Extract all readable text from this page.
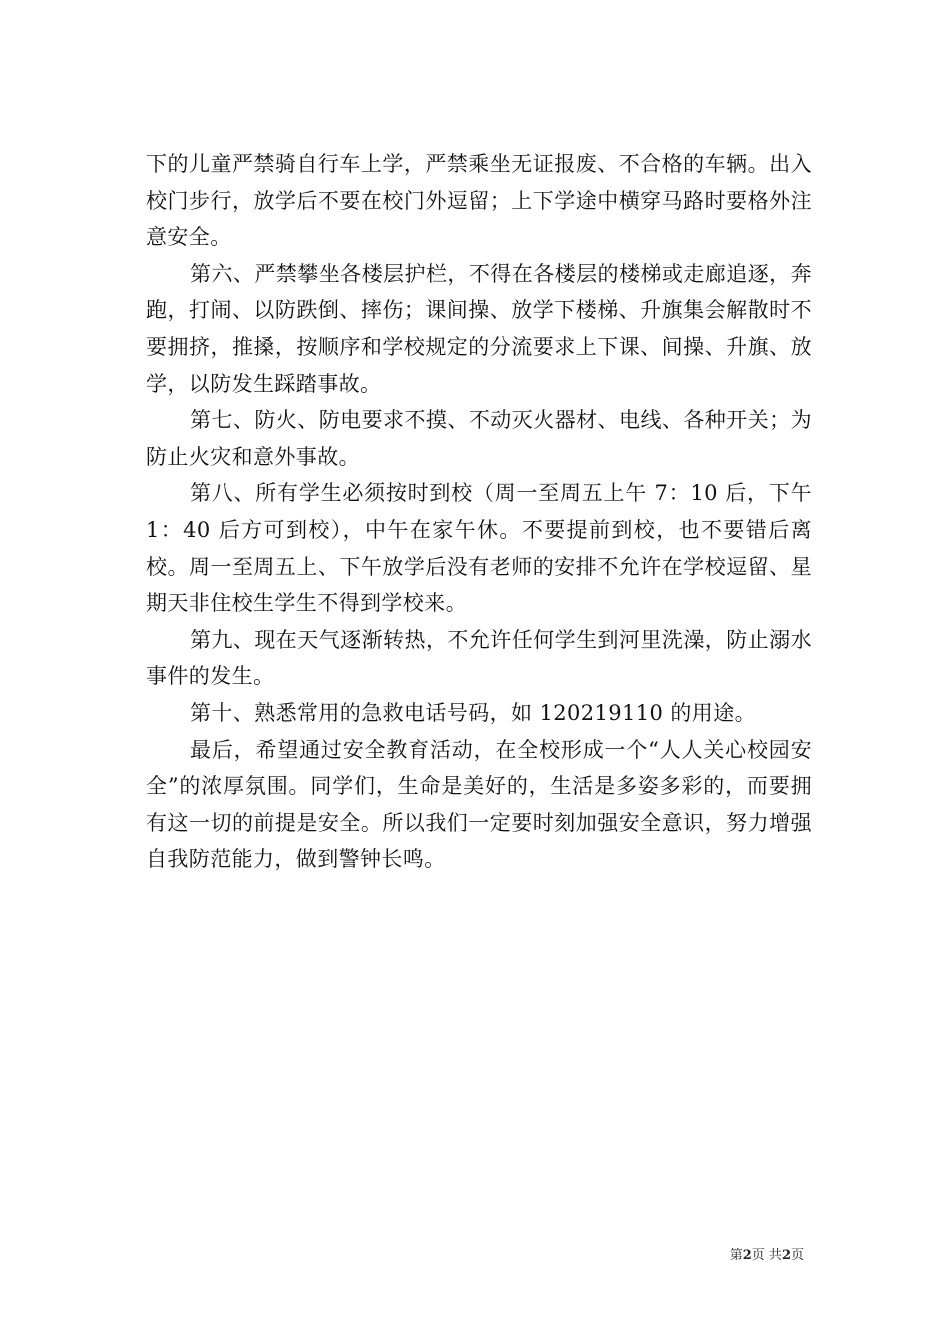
下的儿童严禁骑自行车上学，严禁乘坐无证报废、不合格的车辆。出入校门步行，放学后不要在校门外逗留；上下学途中横穿马路时要格外注意安全。

第六、严禁攀坐各楼层护栏，不得在各楼层的楼梯或走廊追逐，奔跑，打闹、以防跌倒、摔伤；课间操、放学下楼梯、升旗集会解散时不要拥挤，推搡，按顺序和学校规定的分流要求上下课、间操、升旗、放学，以防发生踩踏事故。

第七、防火、防电要求不摸、不动灭火器材、电线、各种开关；为防止火灾和意外事故。

第八、所有学生必须按时到校（周一至周五上午 7：10 后，下午 1：40 后方可到校），中午在家午休。不要提前到校，也不要错后离校。周一至周五上、下午放学后没有老师的安排不允许在学校逗留、星期天非住校生学生不得到学校来。

第九、现在天气逐渐转热，不允许任何学生到河里洗澡，防止溺水事件的发生。

第十、熟悉常用的急救电话号码，如 120219110 的用途。

最后，希望通过安全教育活动，在全校形成一个“人人关心校园安全”的浓厚氛围。同学们，生命是美好的，生活是多姿多彩的，而要拥有这一切的前提是安全。所以我们一定要时刻加强安全意识，努力增强自我防范能力，做到警钟长鸣。

第2页 共2页
